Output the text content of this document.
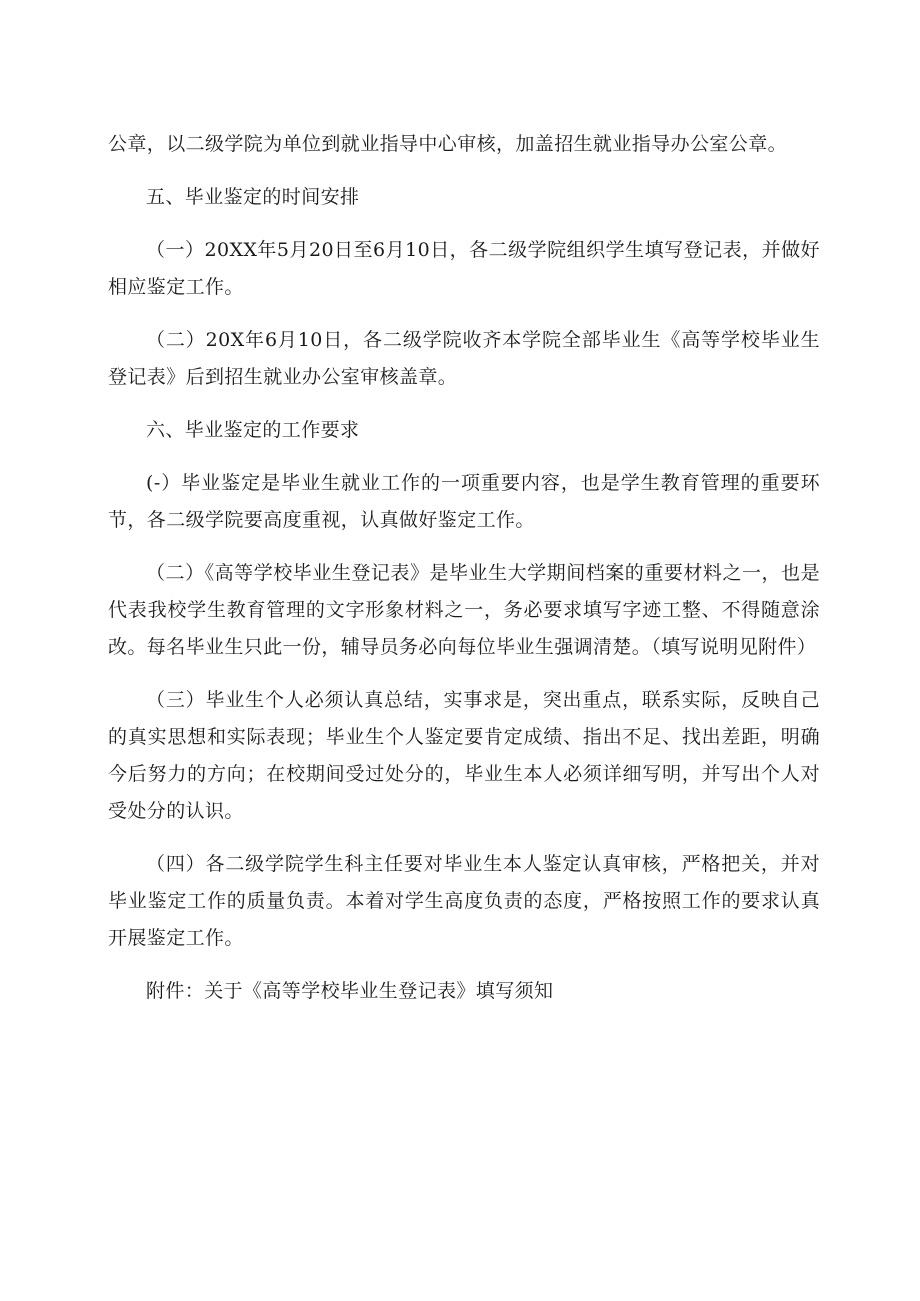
公章，以二级学院为单位到就业指导中心审核，加盖招生就业指导办公室公章。

五、毕业鉴定的时间安排

（一）20XX年5月20日至6月10日，各二级学院组织学生填写登记表，并做好相应鉴定工作。

（二）20X年6月10日，各二级学院收齐本学院全部毕业生《高等学校毕业生登记表》后到招生就业办公室审核盖章。

六、毕业鉴定的工作要求

(-）毕业鉴定是毕业生就业工作的一项重要内容，也是学生教育管理的重要环节，各二级学院要高度重视，认真做好鉴定工作。

（二）《高等学校毕业生登记表》是毕业生大学期间档案的重要材料之一，也是代表我校学生教育管理的文字形象材料之一，务必要求填写字迹工整、不得随意涂改。每名毕业生只此一份，辅导员务必向每位毕业生强调清楚。（填写说明见附件）

（三）毕业生个人必须认真总结，实事求是，突出重点，联系实际，反映自己的真实思想和实际表现；毕业生个人鉴定要肯定成绩、指出不足、找出差距，明确今后努力的方向；在校期间受过处分的，毕业生本人必须详细写明，并写出个人对受处分的认识。

（四）各二级学院学生科主任要对毕业生本人鉴定认真审核，严格把关，并对毕业鉴定工作的质量负责。本着对学生高度负责的态度，严格按照工作的要求认真开展鉴定工作。

附件：关于《高等学校毕业生登记表》填写须知
